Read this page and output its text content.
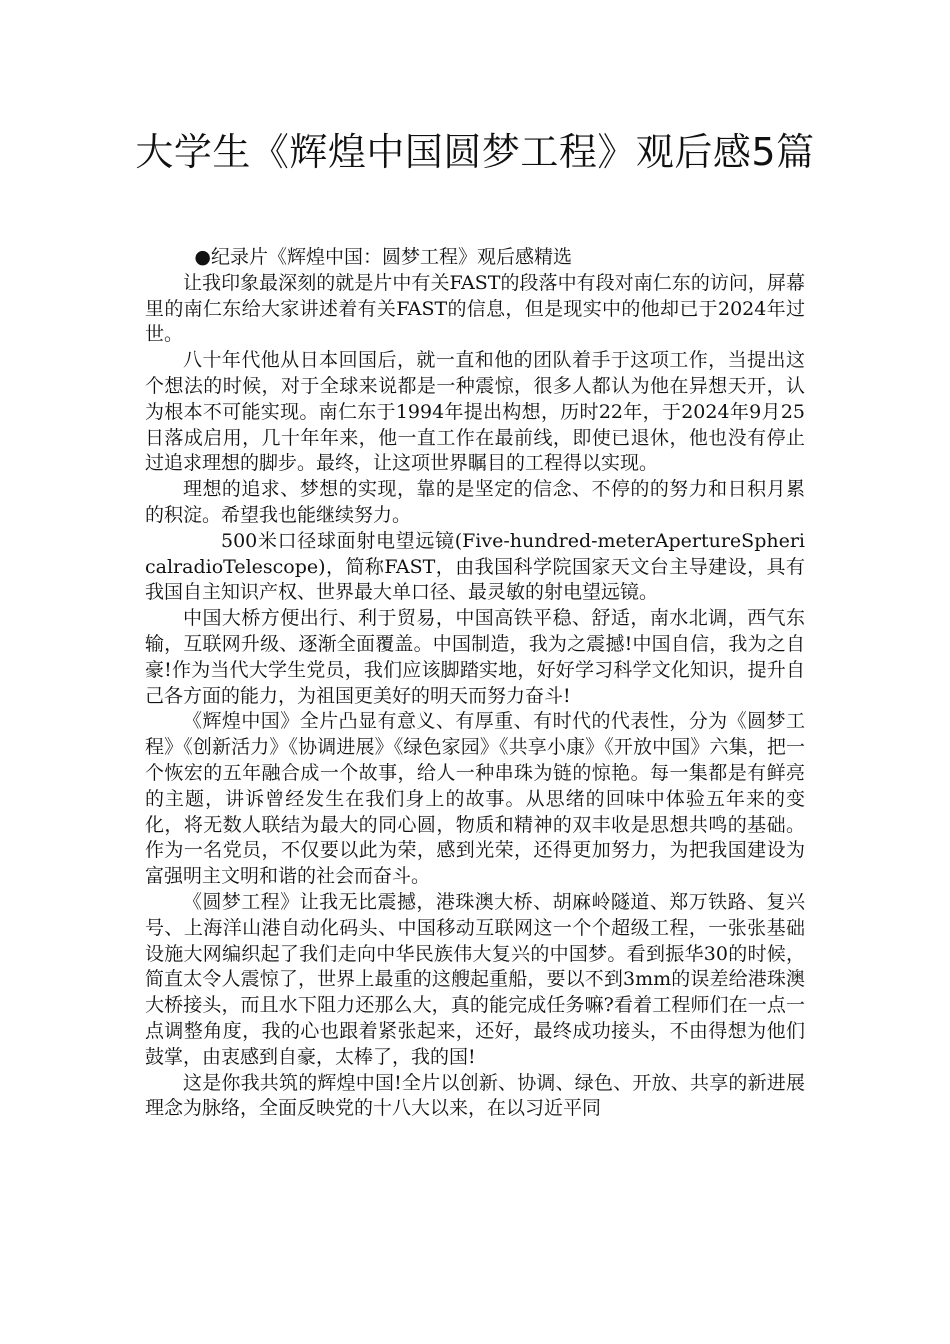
大学生《辉煌中国圆梦工程》观后感5篇

●纪录片《辉煌中国：圆梦工程》观后感精选

让我印象最深刻的就是片中有关FAST的段落中有段对南仁东的访问，屏幕里的南仁东给大家讲述着有关FAST的信息，但是现实中的他却已于2024年过世。

八十年代他从日本回国后，就一直和他的团队着手于这项工作，当提出这个想法的时候，对于全球来说都是一种震惊，很多人都认为他在异想天开，认为根本不可能实现。南仁东于1994年提出构想，历时22年，于2024年9月25日落成启用，几十年年来，他一直工作在最前线，即使已退休，他也没有停止过追求理想的脚步。最终，让这项世界瞩目的工程得以实现。

理想的追求、梦想的实现，靠的是坚定的信念、不停的的努力和日积月累的积淀。希望我也能继续努力。

500米口径球面射电望远镜(Five-hundred-meterApertureSphericalradioTelescope)，简称FAST，由我国科学院国家天文台主导建设，具有我国自主知识产权、世界最大单口径、最灵敏的射电望远镜。

中国大桥方便出行、利于贸易，中国高铁平稳、舒适，南水北调，西气东输，互联网升级、逐渐全面覆盖。中国制造，我为之震撼!中国自信，我为之自豪!作为当代大学生党员，我们应该脚踏实地，好好学习科学文化知识，提升自己各方面的能力，为祖国更美好的明天而努力奋斗!

《辉煌中国》全片凸显有意义、有厚重、有时代的代表性，分为《圆梦工程》《创新活力》《协调进展》《绿色家园》《共享小康》《开放中国》六集，把一个恢宏的五年融合成一个故事，给人一种串珠为链的惊艳。每一集都是有鲜亮的主题，讲诉曾经发生在我们身上的故事。从思绪的回味中体验五年来的变化，将无数人联结为最大的同心圆，物质和精神的双丰收是思想共鸣的基础。作为一名党员，不仅要以此为荣，感到光荣，还得更加努力，为把我国建设为富强明主文明和谐的社会而奋斗。

《圆梦工程》让我无比震撼，港珠澳大桥、胡麻岭隧道、郑万铁路、复兴号、上海洋山港自动化码头、中国移动互联网这一个个超级工程，一张张基础设施大网编织起了我们走向中华民族伟大复兴的中国梦。看到振华30的时候，简直太令人震惊了，世界上最重的这艘起重船，要以不到3mm的误差给港珠澳大桥接头，而且水下阻力还那么大，真的能完成任务嘛?看着工程师们在一点一点调整角度，我的心也跟着紧张起来，还好，最终成功接头，不由得想为他们鼓掌，由衷感到自豪，太棒了，我的国!

这是你我共筑的辉煌中国!全片以创新、协调、绿色、开放、共享的新进展理念为脉络，全面反映党的十八大以来，在以习近平同
